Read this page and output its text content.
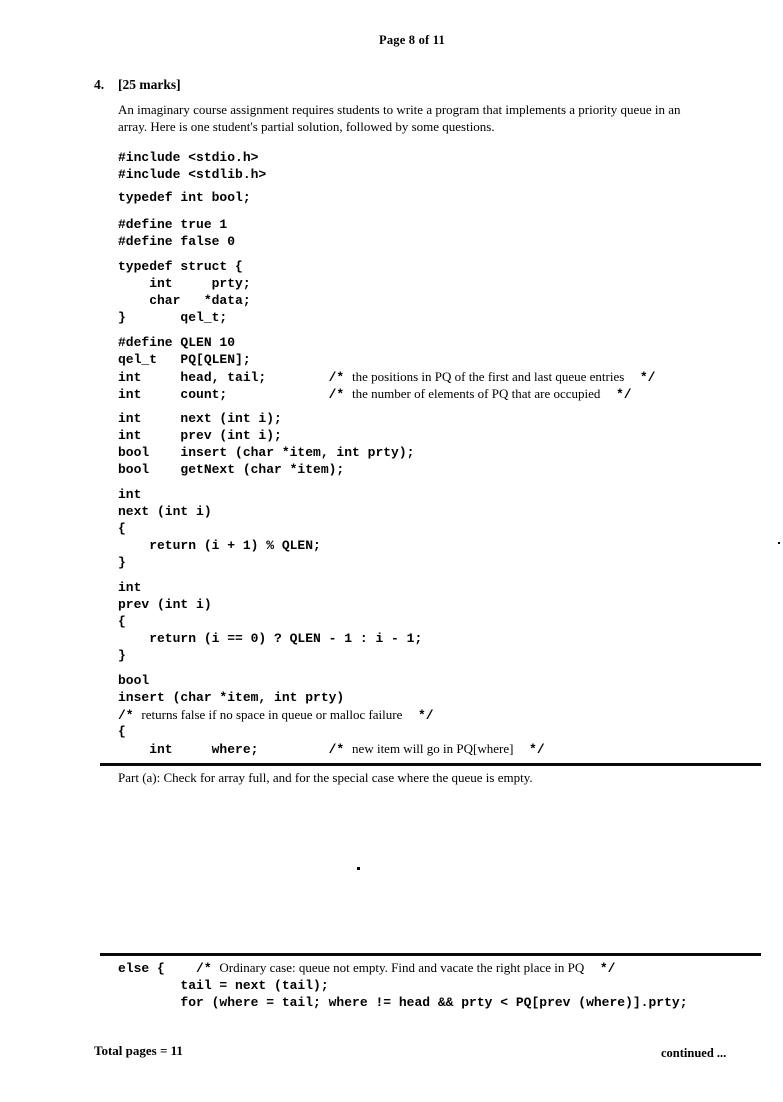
Page 8 of 11
4. [25 marks]
An imaginary course assignment requires students to write a program that implements a priority queue in an
array. Here is one student's partial solution, followed by some questions.
#include <stdio.h>
#include <stdlib.h>
typedef int bool;
#define true 1
#define false 0
typedef struct {
int     prty;
char   *data;
}       qel_t;
#define QLEN 10
qel_t   PQ[QLEN];
int     head, tail;        /* the positions in PQ of the first and last queue entries  */
int     count;             /* the number of elements of PQ that are occupied  */
int     next (int i);
int     prev (int i);
bool    insert (char *item, int prty);
bool    getNext (char *item);
int
next (int i)
{
return (i + 1) % QLEN;
}
int
prev (int i)
{
return (i == 0) ? QLEN - 1 : i - 1;
}
bool
insert (char *item, int prty)
/* returns false if no space in queue or malloc failure  */
{
int     where;         /* new item will go in PQ[where]  */
Part (a): Check for array full, and for the special case where the queue is empty.
else {    /* Ordinary case: queue not empty. Find and vacate the right place in PQ  */
tail = next (tail);
for (where = tail; where != head && prty < PQ[prev (where)].prty;
Total pages = 11	continued ...
